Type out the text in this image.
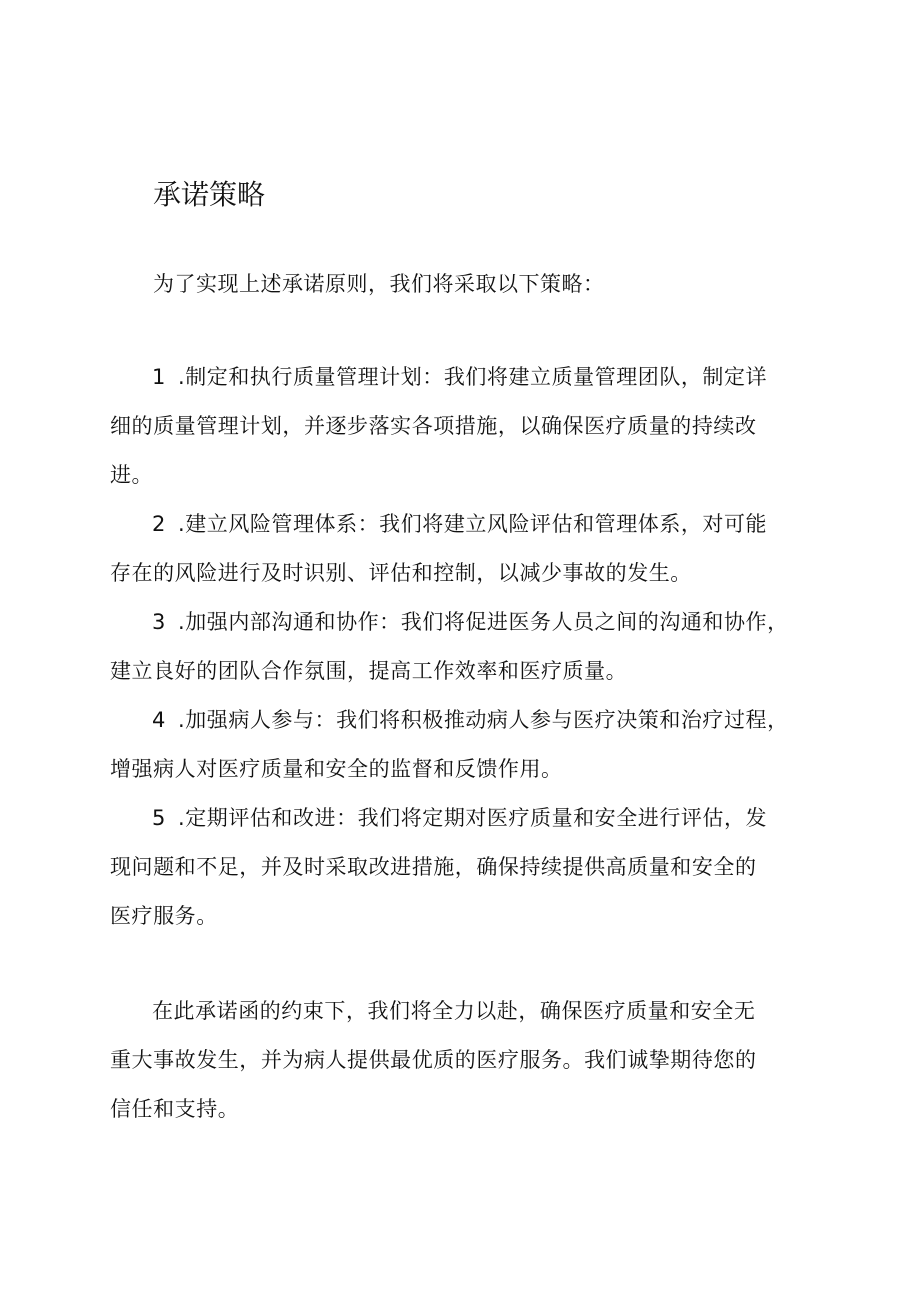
承诺策略
为了实现上述承诺原则，我们将采取以下策略：
1 .制定和执行质量管理计划：我们将建立质量管理团队，制定详
细的质量管理计划，并逐步落实各项措施，以确保医疗质量的持续改
进。
2 .建立风险管理体系：我们将建立风险评估和管理体系，对可能
存在的风险进行及时识别、评估和控制，以减少事故的发生。
3 .加强内部沟通和协作：我们将促进医务人员之间的沟通和协作，
建立良好的团队合作氛围，提高工作效率和医疗质量。
4 .加强病人参与：我们将积极推动病人参与医疗决策和治疗过程，
增强病人对医疗质量和安全的监督和反馈作用。
5 .定期评估和改进：我们将定期对医疗质量和安全进行评估，发
现问题和不足，并及时采取改进措施，确保持续提供高质量和安全的
医疗服务。
在此承诺函的约束下，我们将全力以赴，确保医疗质量和安全无
重大事故发生，并为病人提供最优质的医疗服务。我们诚挚期待您的
信任和支持。
